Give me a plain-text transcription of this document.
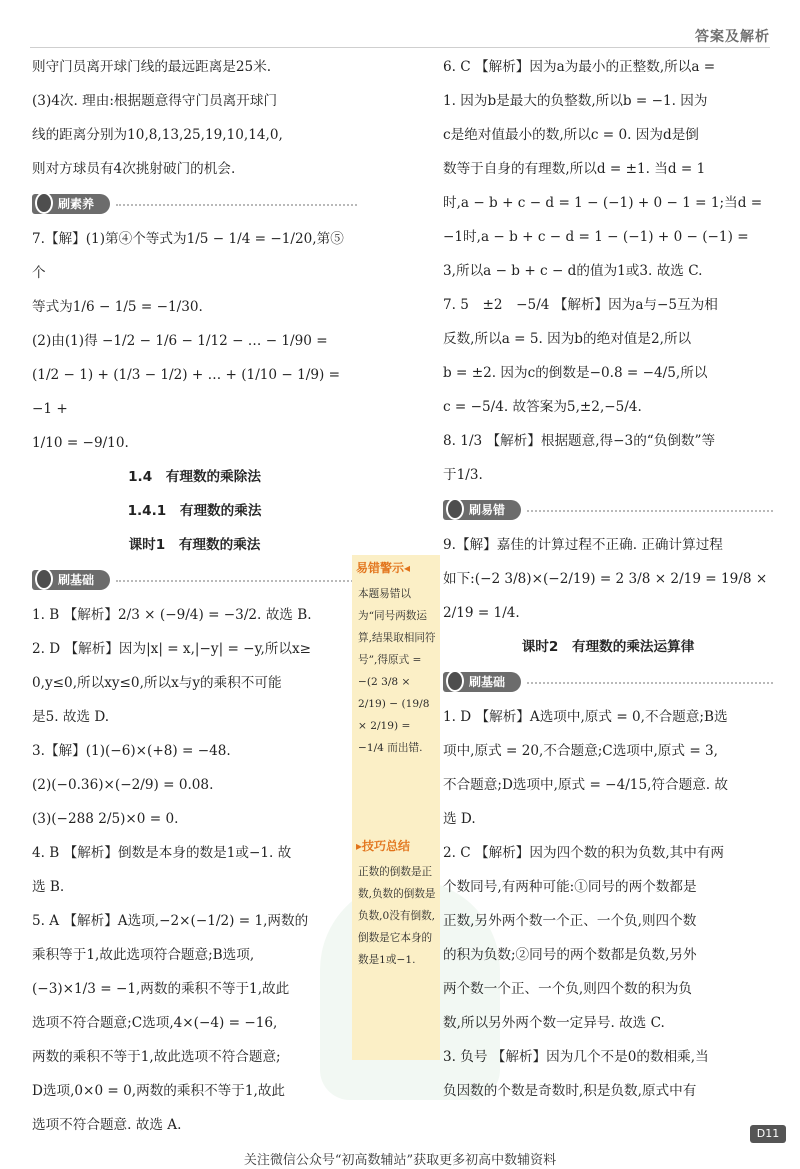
答案及解析

则守门员离开球门线的最远距离是25米.

(3)4次. 理由:根据题意得守门员离开球门

线的距离分别为10,8,13,25,19,10,14,0,

则对方球员有4次挑射破门的机会.

刷素养

7.【解】(1)第④个等式为1/5 − 1/4 = −1/20,第⑤个

等式为1/6 − 1/5 = −1/30.

(2)由(1)得 −1/2 − 1/6 − 1/12 − … − 1/90 =

(1/2 − 1) + (1/3 − 1/2) + … + (1/10 − 1/9) = −1 +

1/10 = −9/10.

1.4　有理数的乘除法

1.4.1　有理数的乘法

课时1　有理数的乘法

刷基础

1. B 【解析】2/3 × (−9/4) = −3/2. 故选 B.

2. D 【解析】因为|x| = x,|−y| = −y,所以x≥

0,y≤0,所以xy≤0,所以x与y的乘积不可能

是5. 故选 D.

3.【解】(1)(−6)×(+8) = −48.

(2)(−0.36)×(−2/9) = 0.08.

(3)(−288 2/5)×0 = 0.

4. B 【解析】倒数是本身的数是1或−1. 故

选 B.

5. A 【解析】A选项,−2×(−1/2) = 1,两数的

乘积等于1,故此选项符合题意;B选项,

(−3)×1/3 = −1,两数的乘积不等于1,故此

选项不符合题意;C选项,4×(−4) = −16,

两数的乘积不等于1,故此选项不符合题意;

D选项,0×0 = 0,两数的乘积不等于1,故此

选项不符合题意. 故选 A.

易错警示◂
本题易错以为“同号两数运算,结果取相同符号”,得原式 = −(2 3/8 × 2/19) − (19/8 × 2/19) = −1/4 而出错.
▸技巧总结
正数的倒数是正数,负数的倒数是负数,0没有倒数,倒数是它本身的数是1或−1.

6. C 【解析】因为a为最小的正整数,所以a =

1. 因为b是最大的负整数,所以b = −1. 因为

c是绝对值最小的数,所以c = 0. 因为d是倒

数等于自身的有理数,所以d = ±1. 当d = 1

时,a − b + c − d = 1 − (−1) + 0 − 1 = 1;当d =

−1时,a − b + c − d = 1 − (−1) + 0 − (−1) =

3,所以a − b + c − d的值为1或3. 故选 C.

7. 5　±2　−5/4 【解析】因为a与−5互为相

反数,所以a = 5. 因为b的绝对值是2,所以

b = ±2. 因为c的倒数是−0.8 = −4/5,所以

c = −5/4. 故答案为5,±2,−5/4.

8. 1/3 【解析】根据题意,得−3的“负倒数”等

于1/3.

刷易错

9.【解】嘉佳的计算过程不正确. 正确计算过程

如下:(−2 3/8)×(−2/19) = 2 3/8 × 2/19 = 19/8 ×

2/19 = 1/4.

课时2　有理数的乘法运算律

刷基础

1. D 【解析】A选项中,原式 = 0,不合题意;B选

项中,原式 = 20,不合题意;C选项中,原式 = 3,

不合题意;D选项中,原式 = −4/15,符合题意. 故

选 D.

2. C 【解析】因为四个数的积为负数,其中有两

个数同号,有两种可能:①同号的两个数都是

正数,另外两个数一个正、一个负,则四个数

的积为负数;②同号的两个数都是负数,另外

两个数一个正、一个负,则四个数的积为负

数,所以另外两个数一定异号. 故选 C.

3. 负号 【解析】因为几个不是0的数相乘,当

负因数的个数是奇数时,积是负数,原式中有

D11
关注微信公众号“初高数辅站”获取更多初高中数辅资料
